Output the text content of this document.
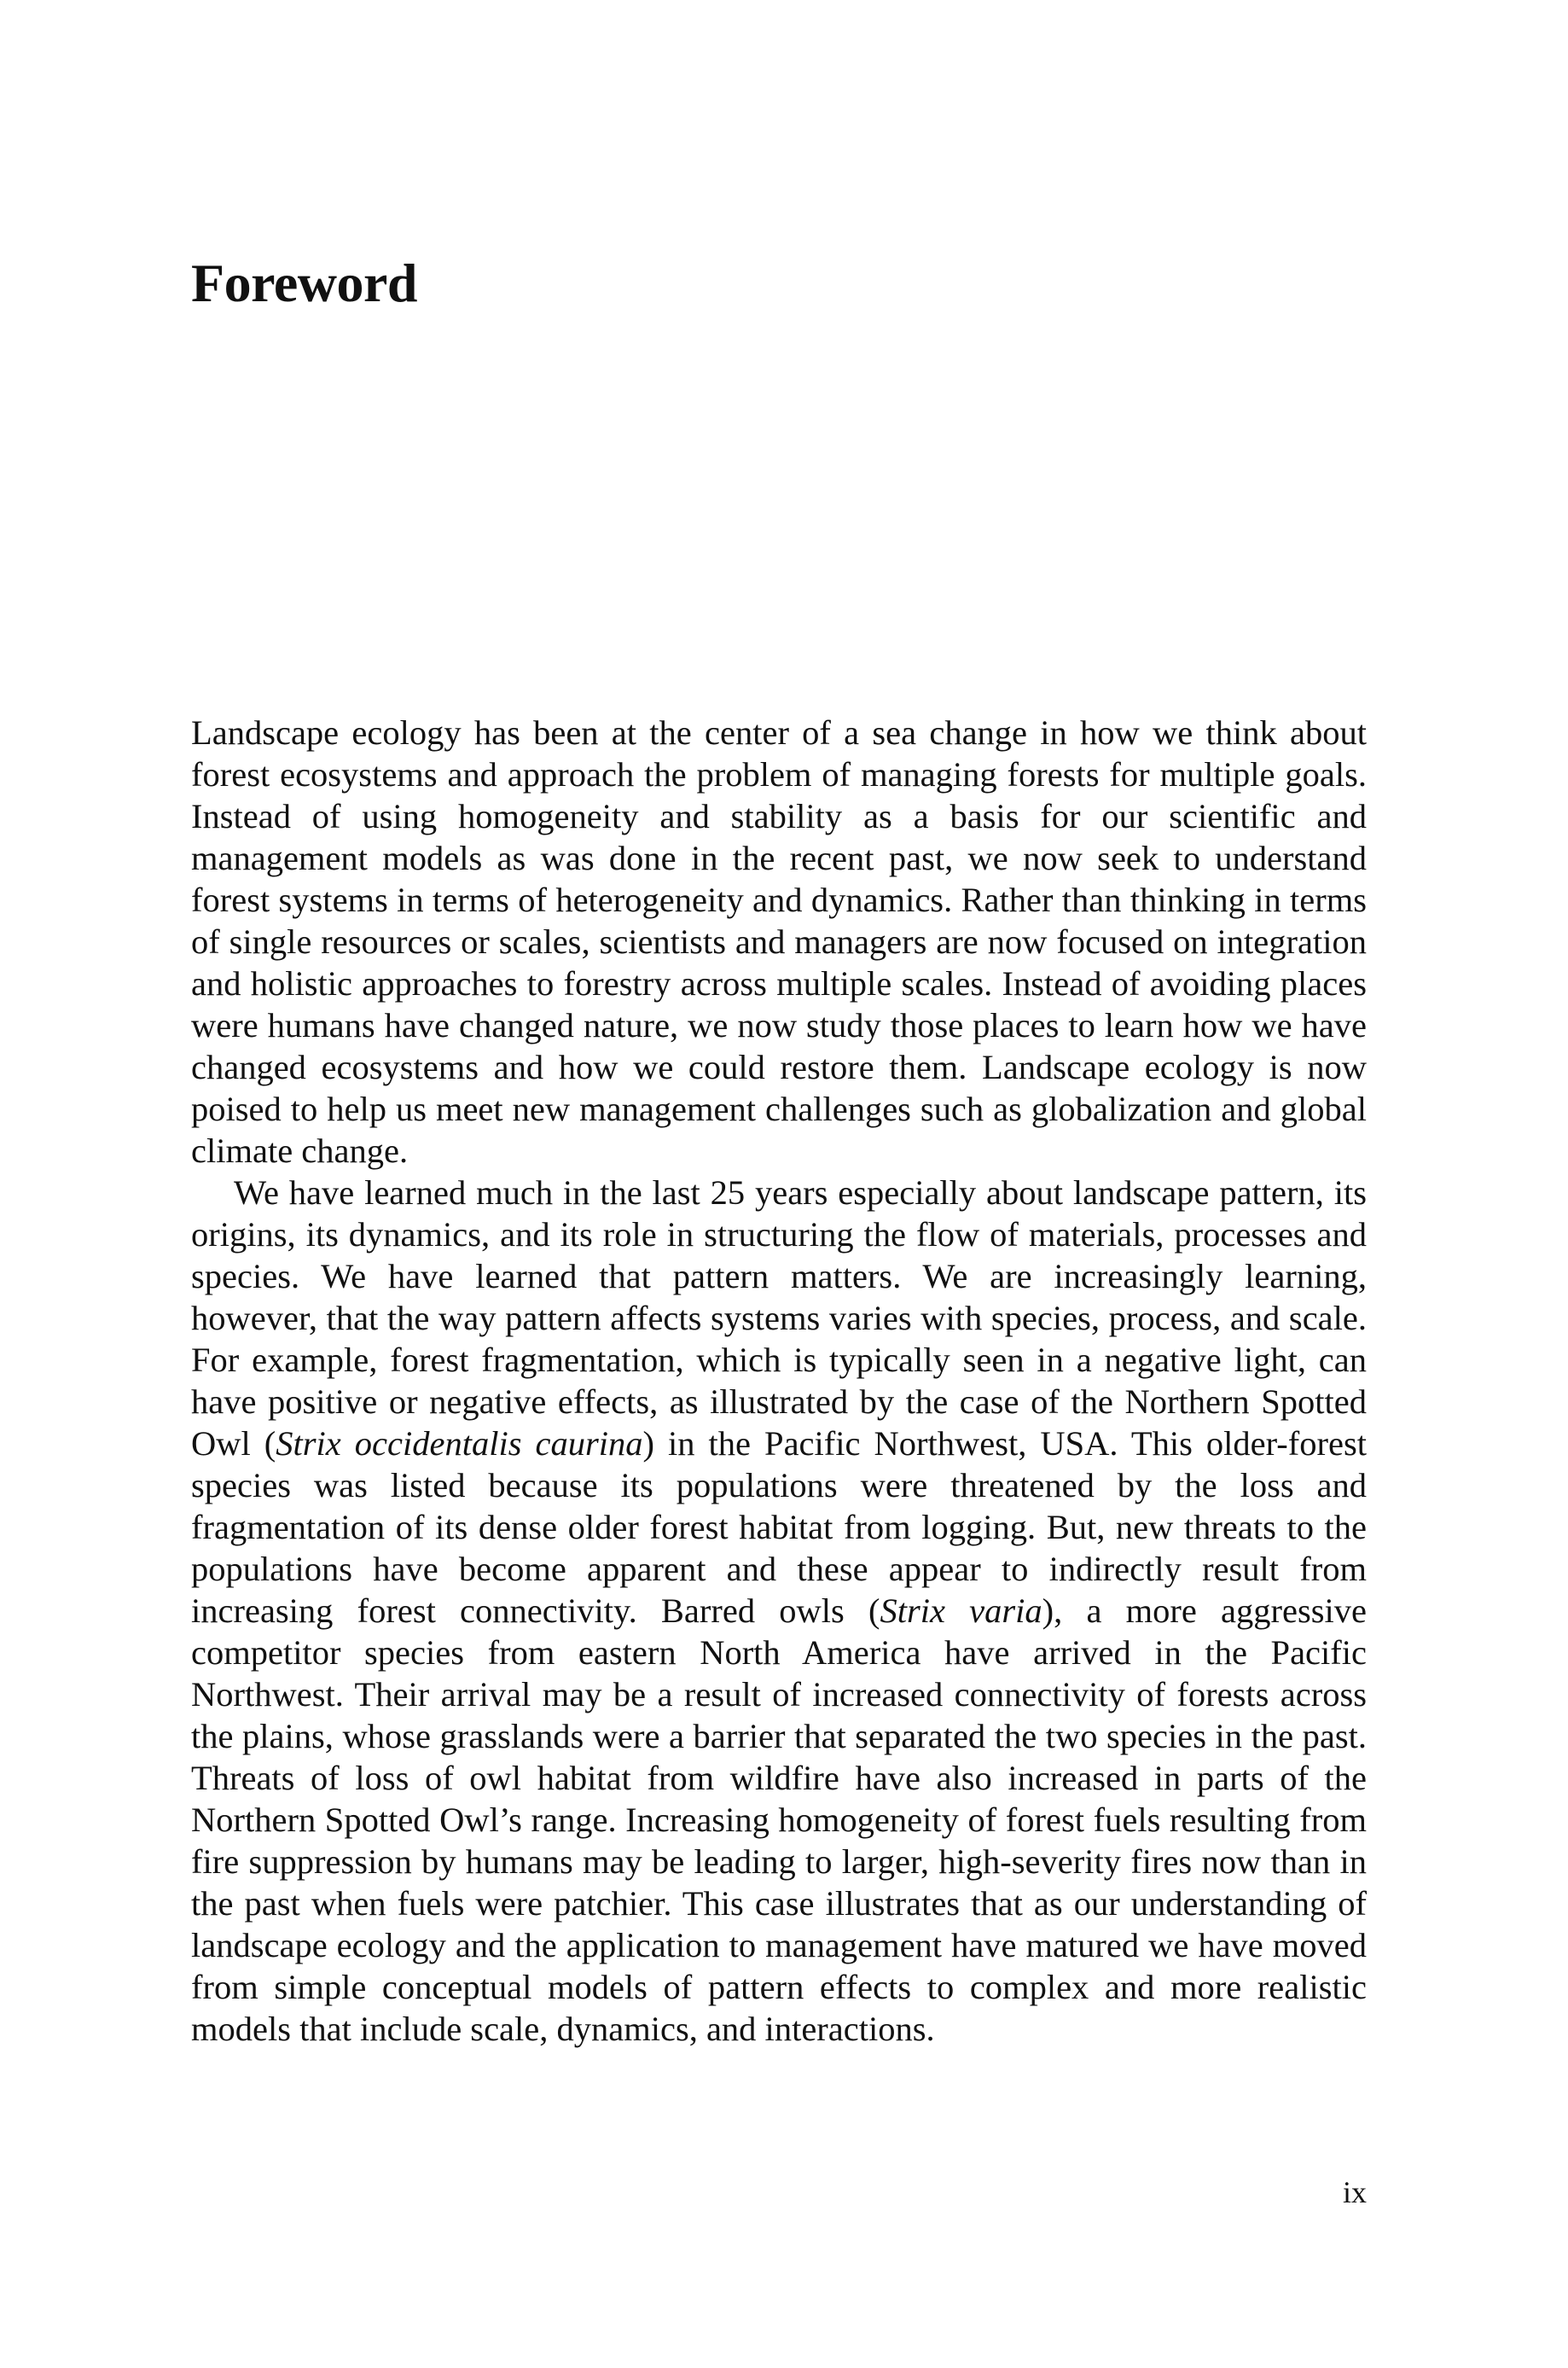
Foreword

Landscape ecology has been at the center of a sea change in how we think about forest ecosystems and approach the problem of managing forests for multiple goals. Instead of using homogeneity and stability as a basis for our scientific and management models as was done in the recent past, we now seek to understand forest systems in terms of heterogeneity and dynamics. Rather than thinking in terms of single resources or scales, scientists and managers are now focused on integration and holistic approaches to forestry across multiple scales. Instead of avoiding places were humans have changed nature, we now study those places to learn how we have changed ecosystems and how we could restore them. Landscape ecology is now poised to help us meet new management challenges such as globalization and global climate change.

We have learned much in the last 25 years especially about landscape pattern, its origins, its dynamics, and its role in structuring the flow of materials, processes and species. We have learned that pattern matters. We are increasingly learning, however, that the way pattern affects systems varies with species, process, and scale. For example, forest fragmentation, which is typically seen in a negative light, can have positive or negative effects, as illustrated by the case of the Northern Spotted Owl (Strix occidentalis caurina) in the Pacific Northwest, USA. This older-forest species was listed because its populations were threatened by the loss and fragmentation of its dense older forest habitat from logging. But, new threats to the populations have become apparent and these appear to indirectly result from increasing forest connectivity. Barred owls (Strix varia), a more aggressive competitor species from eastern North America have arrived in the Pacific Northwest. Their arrival may be a result of increased connectivity of forests across the plains, whose grasslands were a barrier that separated the two species in the past. Threats of loss of owl habitat from wildfire have also increased in parts of the Northern Spotted Owl’s range. Increasing homogeneity of forest fuels resulting from fire suppression by humans may be leading to larger, high-severity fires now than in the past when fuels were patchier. This case illustrates that as our understanding of landscape ecology and the application to management have matured we have moved from simple conceptual models of pattern effects to complex and more realistic models that include scale, dynamics, and interactions.

ix
